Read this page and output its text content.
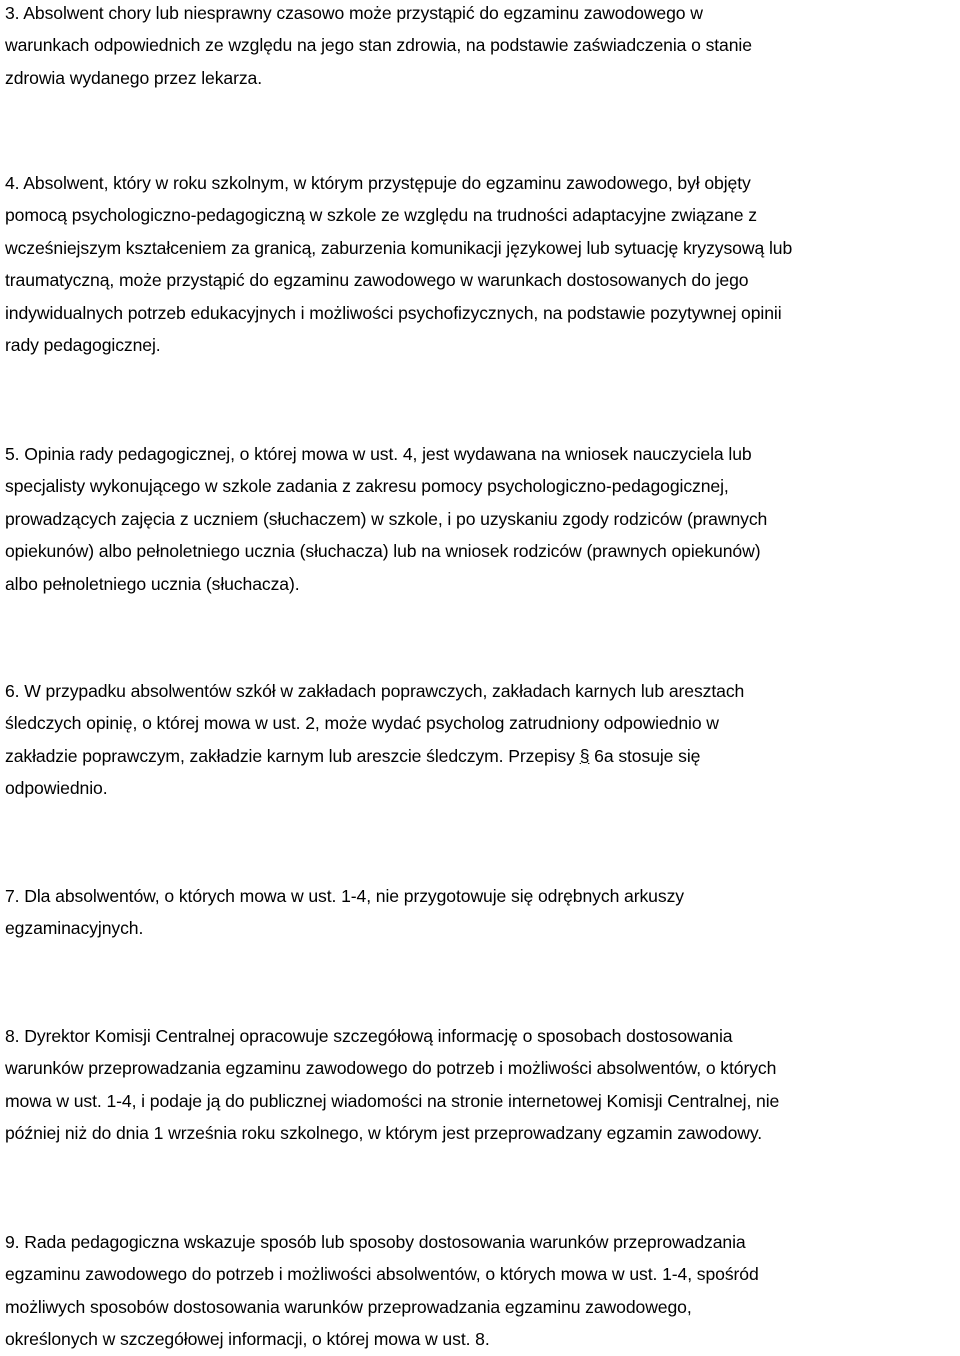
3. Absolwent chory lub niesprawny czasowo może przystąpić do egzaminu zawodowego w
warunkach odpowiednich ze względu na jego stan zdrowia, na podstawie zaświadczenia o stanie
zdrowia wydanego przez lekarza.

4. Absolwent, który w roku szkolnym, w którym przystępuje do egzaminu zawodowego, był objęty
pomocą psychologiczno-pedagogiczną w szkole ze względu na trudności adaptacyjne związane z
wcześniejszym kształceniem za granicą, zaburzenia komunikacji językowej lub sytuację kryzysową lub
traumatyczną, może przystąpić do egzaminu zawodowego w warunkach dostosowanych do jego
indywidualnych potrzeb edukacyjnych i możliwości psychofizycznych, na podstawie pozytywnej opinii
rady pedagogicznej.

5. Opinia rady pedagogicznej, o której mowa w ust. 4, jest wydawana na wniosek nauczyciela lub
specjalisty wykonującego w szkole zadania z zakresu pomocy psychologiczno-pedagogicznej,
prowadzących zajęcia z uczniem (słuchaczem) w szkole, i po uzyskaniu zgody rodziców (prawnych
opiekunów) albo pełnoletniego ucznia (słuchacza) lub na wniosek rodziców (prawnych opiekunów)
albo pełnoletniego ucznia (słuchacza).

6. W przypadku absolwentów szkół w zakładach poprawczych, zakładach karnych lub aresztach
śledczych opinię, o której mowa w ust. 2, może wydać psycholog zatrudniony odpowiednio w
zakładzie poprawczym, zakładzie karnym lub areszcie śledczym. Przepisy § 6a stosuje się
odpowiednio.

7. Dla absolwentów, o których mowa w ust. 1-4, nie przygotowuje się odrębnych arkuszy
egzaminacyjnych.

8. Dyrektor Komisji Centralnej opracowuje szczegółową informację o sposobach dostosowania
warunków przeprowadzania egzaminu zawodowego do potrzeb i możliwości absolwentów, o których
mowa w ust. 1-4, i podaje ją do publicznej wiadomości na stronie internetowej Komisji Centralnej, nie
później niż do dnia 1 września roku szkolnego, w którym jest przeprowadzany egzamin zawodowy.

9. Rada pedagogiczna wskazuje sposób lub sposoby dostosowania warunków przeprowadzania
egzaminu zawodowego do potrzeb i możliwości absolwentów, o których mowa w ust. 1-4, spośród
możliwych sposobów dostosowania warunków przeprowadzania egzaminu zawodowego,
określonych w szczegółowej informacji, o której mowa w ust. 8.
